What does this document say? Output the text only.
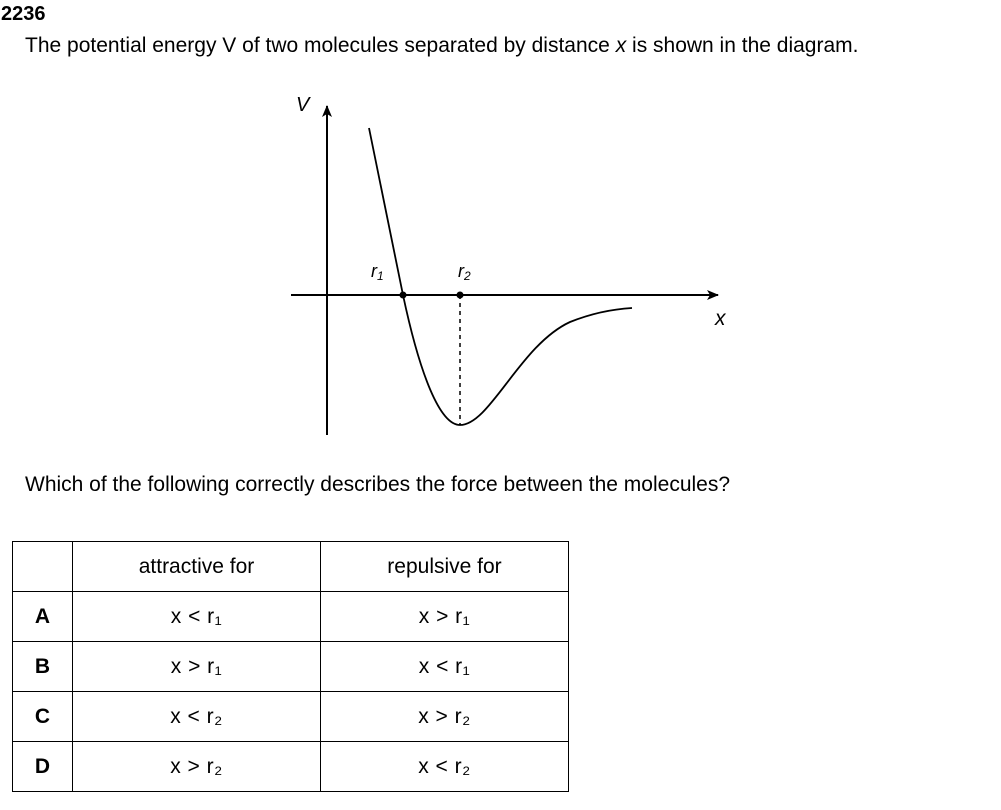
2236
The potential energy V of two molecules separated by distance x is shown in the diagram.
V
x
r1	r2
Which of the following correctly describes the force between the molecules?
	attractive for	repulsive for
A	x < r₁	x > r₁
B	x > r₁	x < r₁
C	x < r₂	x > r₂
D	x > r₂	x < r₂
